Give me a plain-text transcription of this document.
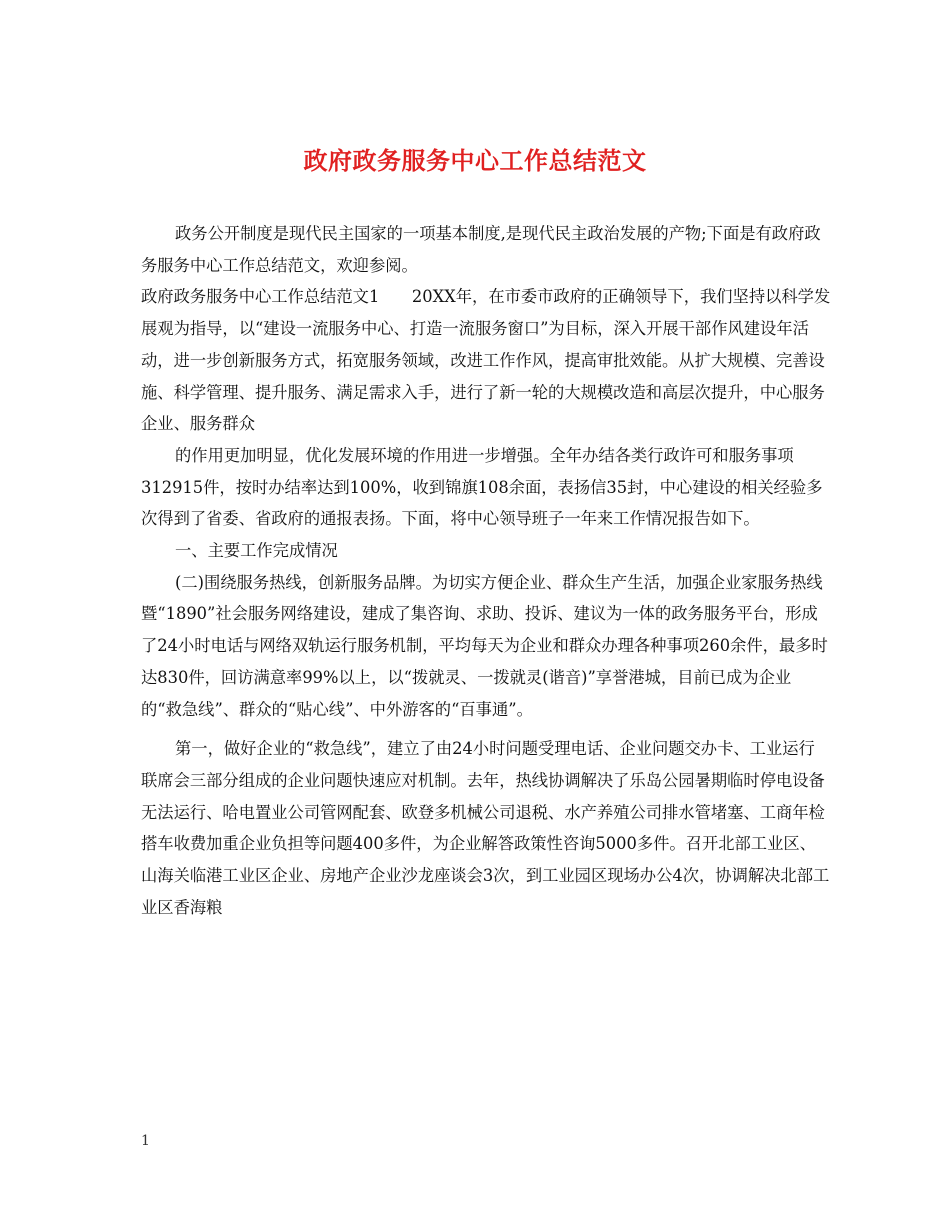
政府政务服务中心工作总结范文

政务公开制度是现代民主国家的一项基本制度,是现代民主政治发展的产物;下面是有政府政务服务中心工作总结范文，欢迎参阅。

政府政务服务中心工作总结范文1　　20XX年，在市委市政府的正确领导下，我们坚持以科学发展观为指导，以“建设一流服务中心、打造一流服务窗口”为目标，深入开展干部作风建设年活动，进一步创新服务方式，拓宽服务领域，改进工作作风，提高审批效能。从扩大规模、完善设施、科学管理、提升服务、满足需求入手，进行了新一轮的大规模改造和高层次提升，中心服务企业、服务群众

的作用更加明显，优化发展环境的作用进一步增强。全年办结各类行政许可和服务事项312915件，按时办结率达到100%，收到锦旗108余面，表扬信35封，中心建设的相关经验多次得到了省委、省政府的通报表扬。下面，将中心领导班子一年来工作情况报告如下。

一、主要工作完成情况

(二)围绕服务热线，创新服务品牌。为切实方便企业、群众生产生活，加强企业家服务热线暨“1890”社会服务网络建设，建成了集咨询、求助、投诉、建议为一体的政务服务平台，形成了24小时电话与网络双轨运行服务机制，平均每天为企业和群众办理各种事项260余件，最多时达830件，回访满意率99%以上，以“拨就灵、一拨就灵(谐音)”享誉港城，目前已成为企业的“救急线”、群众的“贴心线”、中外游客的“百事通”。

第一，做好企业的“救急线”，建立了由24小时问题受理电话、企业问题交办卡、工业运行联席会三部分组成的企业问题快速应对机制。去年，热线协调解决了乐岛公园暑期临时停电设备无法运行、哈电置业公司管网配套、欧登多机械公司退税、水产养殖公司排水管堵塞、工商年检搭车收费加重企业负担等问题400多件，为企业解答政策性咨询5000多件。召开北部工业区、山海关临港工业区企业、房地产企业沙龙座谈会3次，到工业园区现场办公4次，协调解决北部工业区香海粮

1
